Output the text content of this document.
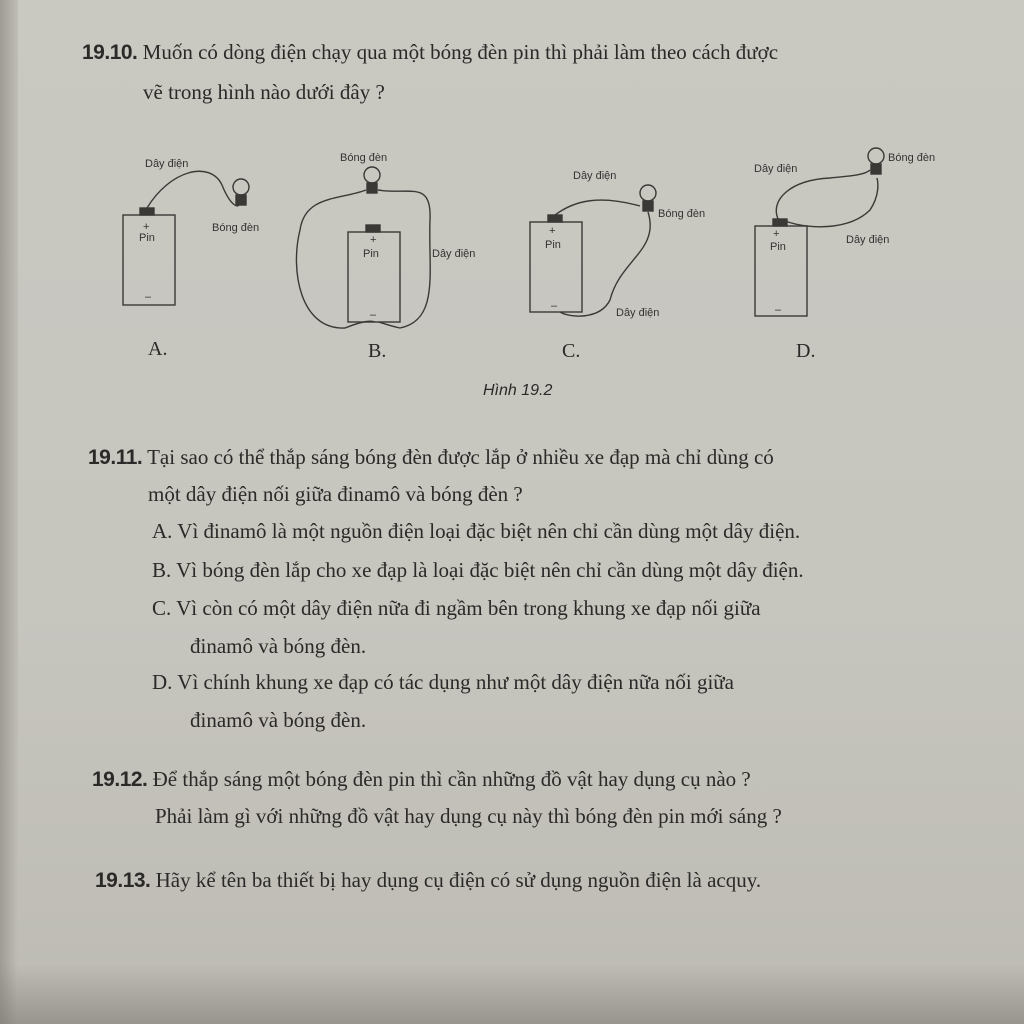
19.10. Muốn có dòng điện chạy qua một bóng đèn pin thì phải làm theo cách được
vẽ trong hình nào dưới đây ?
Dây điện
Bóng đèn
+
Pin
–
Bóng đèn
Dây điện
+
Pin
–
Dây điện
Bóng đèn
Dây điện
+
Pin
–
Dây điện
Bóng đèn
Dây điện
+
Pin
–
A.	B.	C.	D.
Hình 19.2
19.11. Tại sao có thể thắp sáng bóng đèn được lắp ở nhiều xe đạp mà chỉ dùng có
một dây điện nối giữa đinamô và bóng đèn ?
A. Vì đinamô là một nguồn điện loại đặc biệt nên chỉ cần dùng một dây điện.
B. Vì bóng đèn lắp cho xe đạp là loại đặc biệt nên chỉ cần dùng một dây điện.
C. Vì còn có một dây điện nữa đi ngầm bên trong khung xe đạp nối giữa
đinamô và bóng đèn.
D. Vì chính khung xe đạp có tác dụng như một dây điện nữa nối giữa
đinamô và bóng đèn.
19.12. Để thắp sáng một bóng đèn pin thì cần những đồ vật hay dụng cụ nào ?
Phải làm gì với những đồ vật hay dụng cụ này thì bóng đèn pin mới sáng ?
19.13. Hãy kể tên ba thiết bị hay dụng cụ điện có sử dụng nguồn điện là acquy.
